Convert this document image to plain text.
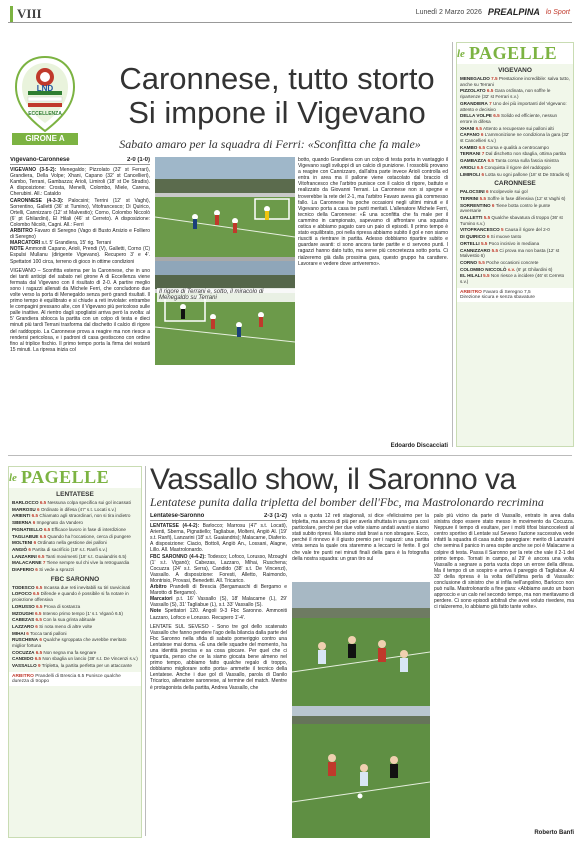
VIII	Lunedì 2 Marzo 2026 PREALPINA lo Sport
LND
ECCELLENZA
GIRONE A
Caronnese, tutto storto
Si impone il Vigevano
Sabato amaro per la squadra di Ferri: «Sconfitta che fa male»
Vigevano-Caronnese	2-0 (1-0)
VIGEVANO (3-5-2): Menegaldo; Pizzolato (32' st Ferrari), Grandiera, Della Volpe; Xhani, Capano (32' st Cancellieri), Kambo, Terrani, Gambazza; Arioli, Limiroli (18' st De Stradis). A disposizione: Crosta, Menelli, Colombo, Miele, Carena, Cherubini. All.: Cataldo
CARONNESE (4-3-3): Palocsini; Terrini (12' st Vaghi), Sorrentino, Galletti (36' st Tumino), Vitofrancesco; Di Quirico, Ortelli, Cannizzaro (12' st Malvestio); Corno, Colombo Niccolò (6' pt Ghilardini), El Hilali (46' st Cerreto). A disposizione: Colombo Nicolò, Cagni. All.: Ferri
ARBITRO Favaro di Seregno (Vago di Busto Arsizio e Folliero di Seregno)
MARCATORI s.t. 5' Grandiera, 15' rig. Terrani
NOTE Ammoniti Capano, Arioli, Prendi (V), Galletti, Corno (C) Espulsi Mullanu (dirigente Vigevano). Recupero 3' e 4'. Spettatori 100 circa, terreno di gioco in ottime condizioni
VIGEVANO – Sconfitta esterna per la Caronnese, che in uno dei tanti anticipi del sabato nel girone A di Eccellenza viene fermata dal Vigevano con il risultato di 2-0. A partire meglio sono i ragazzi allenati da Michele Ferri, che concludono due volte verso la porta di Menegaldo senza però grandi risultati. Il primo tempo è equilibrato e si chiude a reti inviolate: entrambe le compagini pressano alte, con il Vigevano più pericoloso sulle palle inattive. Al rientro dagli spogliatoi arriva però la svolta: al 5' Grandiera sblocca la partita con un colpo di testa e dieci minuti più tardi Terrani trasforma dal dischetto il calcio di rigore del raddoppio. La Caronnese prova a reagire ma non riesce a rendersi pericolosa, e i padroni di casa gestiscono con ordine fino al triplice fischio. Il primo tempo porta la firma dei restanti 15 minuti. La ripresa inizia col
Il rigore di Terrani e, sotto, il miracolo di Menegaldo su Terrani
botto, quando Grandiera con un colpo di testa porta in vantaggio il Vigevano sugli sviluppi di un calcio di punizione. I rossoblù provano a reagire con Cannizzaro, dall'altra parte invece Arioli controlla ed entra in area ma il pallone viene ostacolato dal braccio di Vitofrancesco che l'arbitro punisce con il calcio di rigore, battuto e realizzato da Giovanni Terrani. La Caronnese non si spegne e troverebbe la rete del 2-1, ma l'arbitro Favaro aveva già commesso fallo. La Caronnese ha poche occasioni negli ultimi minuti e il Vigevano porta a casa tre punti meritati. L'allenatore Michele Ferri, tecnico della Caronnese: «È una sconfitta che fa male per il cammino in campionato, sapevamo di affrontare una squadra ostica e abbiamo pagato caro un paio di episodi. Il primo tempo è stato equilibrato, poi nella ripresa abbiamo subito il gol e non siamo riusciti a rientrare in partita. Adesso dobbiamo ripartire subito e guardare avanti: ci sono ancora tante partite e ci servono punti. I ragazzi hanno dato tutto, ma serve più concretezza sotto porta. Ci rialzeremo già dalla prossima gara, questo gruppo ha carattere. Lavorare e vedere dove arriveremo».
Edoardo Discacciati
le PAGELLE
VIGEVANO
MENEGALDO 7.5 Prestazione incredibile: salva tutto, anche su Terrani
PIZZOLATO 6.5 Gara ordinata, non soffre le ripartenze (32' st Ferrari s.v.)
GRANDIERA 7 Uno dei più importanti del Vigevano: attento e decisivo
DELLA VOLPE 6.5 Solido ed efficiente, nessun errore in difesa
XHANI 6.5 Attento a recuperare sui palloni alti
CAPANO 6 L'ammonizione ne condiziona la gara (32' st Cancellieri s.v.)
KAMBO 6.5 Corsa e qualità a centrocampo
TERRANI 7 Dal dischetto non sbaglia, ottima partita
GAMBAZZA 6.5 Tanta corsa sulla fascia sinistra
ARIOLI 6.5 Conquista il rigore del raddoppio
LIMIROLI 6 Lotta su ogni pallone (18' st De Stradis 6)
CARONNESE
PALOCSINI 6 Incolpevole sui gol
TERRINI 5.5 Soffre in fase difensiva (12' st Vaghi 6)
SORRENTINO 6 Tiene botta contro le punte avversarie
GALLETTI 5.5 Qualche sbavatura di troppo (36' st Tumino s.v.)
VITOFRANCESCO 5 Causa il rigore del 2-0
DI QUIRICO 6 Si muove tanto
ORTELLI 5.5 Poco incisivo in mediana
CANNIZZARO 5.5 Ci prova ma non basta (12' st Malvestio 6)
CORNO 5.5 Poche occasioni concrete
COLOMBO NICCOLÒ s.v. (6' pt Ghilardini 6)
EL HILALI 5.5 Non riesce a incidere (46' st Cerreto s.v.)
ARBITRO Favaro di Seregno 7,5
Direzione sicura e senza sbavature
le PAGELLE
LENTATESE
BARLOCCO 6.5 Nessuna colpa specifica sui gol incassati
MARROSU 6 Ordinato in difesa (47' s.t. Locati s.v.)
ARIENTI 6.5 Chiamato agli straordinari, non si tira indietro
SBERNA 6 Impegnato da Vandero
PIGNATIELLO 6.5 Efficace lavoro in fase di interdizione
TAGLIABUE 6.5 Quando ha l'occasione, cerca di pungere
MOLTENI 6 Ordinato nella gestione dei palloni
ANGIÒ 6 Partita di sacrificio (19' s.t. Ranfi s.v.)
LANZARINI 6.5 Tanti movimenti (18' s.t. Guaiandris 6.5)
MALACARNE 7 Tiene sempre sul chi vive la retroguardia
DIAFERIO 6 Si vede a sprazzi
FBC SARONNO
TODESCO 6.5 Incassa due reti inevitabili su tiri ravvicinati
LOFOCO 6.5 Difende e quando è possibile si fa notare in proiezione offensiva
LORUSSO 6.5 Prova di sostanza
MZOUGHI 6.5 Intenso primo tempo (1' s.t. Viganò 6.5)
CABEZAS 6.5 Con la sua grinta abituale
LAZZARO 6 Si nota meno di altre volte
MIHAI 6 Tocca tanti palloni
RUSCHENA 6 Qualche sgroppata che avrebbe meritato miglior fortuna
COCUZZA 6.5 Non segna ma fa segnare
CANDIDO 6.5 Non sbaglia un lancio (38' s.t. De Vincenzi s.v.)
VASSALLO 9 Tripletta, la partita perfetta per un attaccante
ARBITRO Prandelli di Brescia 6.5 Punisce qualche durezza di troppo
Vassallo show, il Saronno va
Lentatese punita dalla tripletta del bomber dell'Fbc, ma Mastrolonardo recrimina
Lentatese-Saronno	2-3 (1-2)
LENTATESE (4-4-2): Barlocco; Marrosu (47' s.t. Locati), Arienti, Sberna, Pignatiello; Tagliabue, Molteni, Angiò Al. (19' s.t. Ranfi), Lanzarini (18' s.t. Guaiandris); Malacarne, Diaferio. A disposizione: Ciacio, Bottoli, Angiò An., Lossani, Alagne, Lillo. All. Mastrolonardo.
FBC SARONNO (4-4-2): Todesco; Lofoco, Lorusso, Mzoughi (1' s.t. Viganò); Cabezas, Lazzaro, Mihai, Ruschena; Cocuzza (24' s.t. Serra), Candido (38' s.t. De Vincenzi), Vassallo. A disposizione: Foresti, Alletto, Raimondo, Montrisio, Provasi, Benedetti. All. Tricarico.
Arbitro Prandelli di Brescia (Bergamaschi di Bergamo e Marotto di Bergamo).
Marcatori p.t. 16' Vassallo (S), 18' Malacarne (L), 29' Vassallo (S), 31' Tagliabue (L), s.t. 33' Vassallo (S).
Note Spettatori 120. Angoli 9-3 Fbc Saronno. Ammoniti Lazzaro, Lofoco e Lorusso. Recupero 1'-4'.
LENTATE SUL SEVESO - Sono tre gol dello scatenato Vassallo che fanno pendere l'ago della bilancia dalla parte del Fbc Saronno nella sfida di sabato pomeriggio contro una Lentatese mai doma. «È una delle squadre del momento, ha una identità precisa e sa cosa giocare. Per quel che ci riguarda, penso che ce la siamo giocata bene almeno nel primo tempo, abbiamo fatto qualche regalo di troppo, dobbiamo migliorare sotto porta» ammette il tecnico della Lentatese. Anche i due gol di Vassallo, parola di Danilo Tricarico, allenatore saronnese, al termine del match. Mentre è protagonista della partita, Andrea Vassallo, che
vola a quota 12 reti stagionali, si dice «felicissimo per la tripletta, ma ancora di più per averla sfruttata in una gara così particolare, perché per due volte siamo andati avanti e siamo stati subito ripresi. Ma siamo stati bravi a non sbragare. Ecco, perché il rinnovo è il giusto premio per i ragazzi: una partita vinta senza la quale ora staremmo a leccarci le ferite. Il gol che vale tre punti nei minuti finali della gara è la fotografia della nostra squadra: un gran tiro sul
palo più vicino da parte di Vassallo, entrato in area dalla sinistra dopo essere stato messo in movimento da Cocuzza. Neppure il tempo di esultare, per i molti tifosi biancocelesti al centro sportivo di Lentate sul Seveso l'azione successiva vede infatti la squadra di casa subito pareggiare: merito di Lanzarini che semina il panico in area ospite anche se poi è Malacarne a colpire di testa. Passa il Saronno per la rete che vale il 2-1 del primo tempo. Tornati in campo, al 29' è ancora una volta Vassallo a segnare a porta vuota dopo un errore della difesa. Ma il tempo di un sospiro e arriva il pareggio di Tagliabue. Al 33' della ripresa è la volta dell'ultima perla di Vassallo: conclusione di sinistro che si infila nell'angolino, Barlocco non può nulla. Mastrolonardo a fine gara: «Abbiamo avuto un buon approccio e un calo nel secondo tempo, ma non meritavamo di perdere. Ci sono episodi arbitrali che avrei voluto rivedere, ma ci rialzeremo, lo abbiamo già fatto tante volte».
Roberto Banfi
